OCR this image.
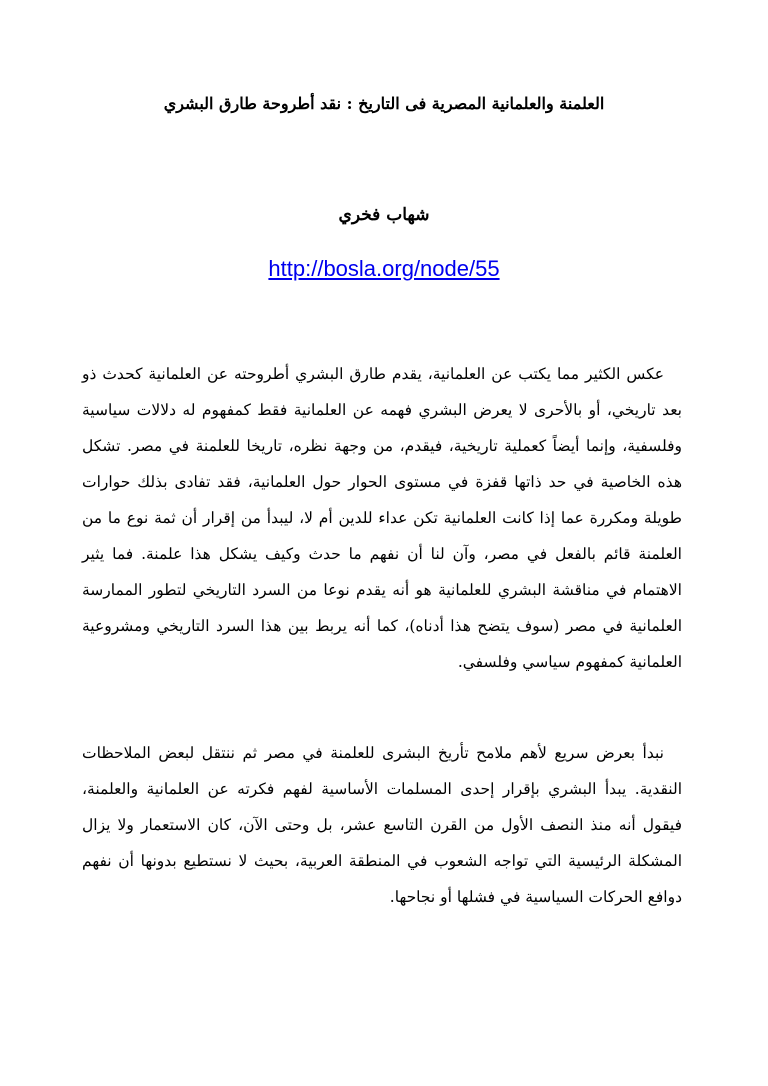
العلمنة والعلمانية المصرية فى التاريخ : نقد أطروحة طارق البشري
شهاب فخري
http://bosla.org/node/55

عكس الكثير مما يكتب عن العلمانية، يقدم طارق البشري أطروحته عن العلمانية كحدث ذو بعد تاريخي، أو بالأحرى لا يعرض البشري فهمه عن العلمانية فقط كمفهوم له دلالات سياسية وفلسفية، وإنما أيضاً كعملية تاريخية، فيقدم، من وجهة نظره، تاريخا للعلمنة في مصر. تشكل هذه الخاصية في حد ذاتها قفزة في مستوى الحوار حول العلمانية، فقد تفادى بذلك حوارات طويلة ومكررة عما إذا كانت العلمانية تكن عداء للدين أم لا، ليبدأ من إقرار أن ثمة نوع ما من العلمنة قائم بالفعل في مصر، وآن لنا أن نفهم ما حدث وكيف يشكل هذا علمنة. فما يثير الاهتمام في مناقشة البشري للعلمانية هو أنه يقدم نوعا من السرد التاريخي لتطور الممارسة العلمانية في مصر (سوف يتضح هذا أدناه)، كما أنه يربط بين هذا السرد التاريخي ومشروعية العلمانية كمفهوم سياسي وفلسفي.

نبدأ بعرض سريع لأهم ملامح تأريخ البشرى للعلمنة في مصر ثم ننتقل لبعض الملاحظات النقدية. يبدأ البشري بإقرار إحدى المسلمات الأساسية لفهم فكرته عن العلمانية والعلمنة، فيقول أنه منذ النصف الأول من القرن التاسع عشر، بل وحتى الآن، كان الاستعمار ولا يزال المشكلة الرئيسية التي تواجه الشعوب في المنطقة العربية، بحيث لا نستطيع بدونها أن نفهم دوافع الحركات السياسية في فشلها أو نجاحها.
